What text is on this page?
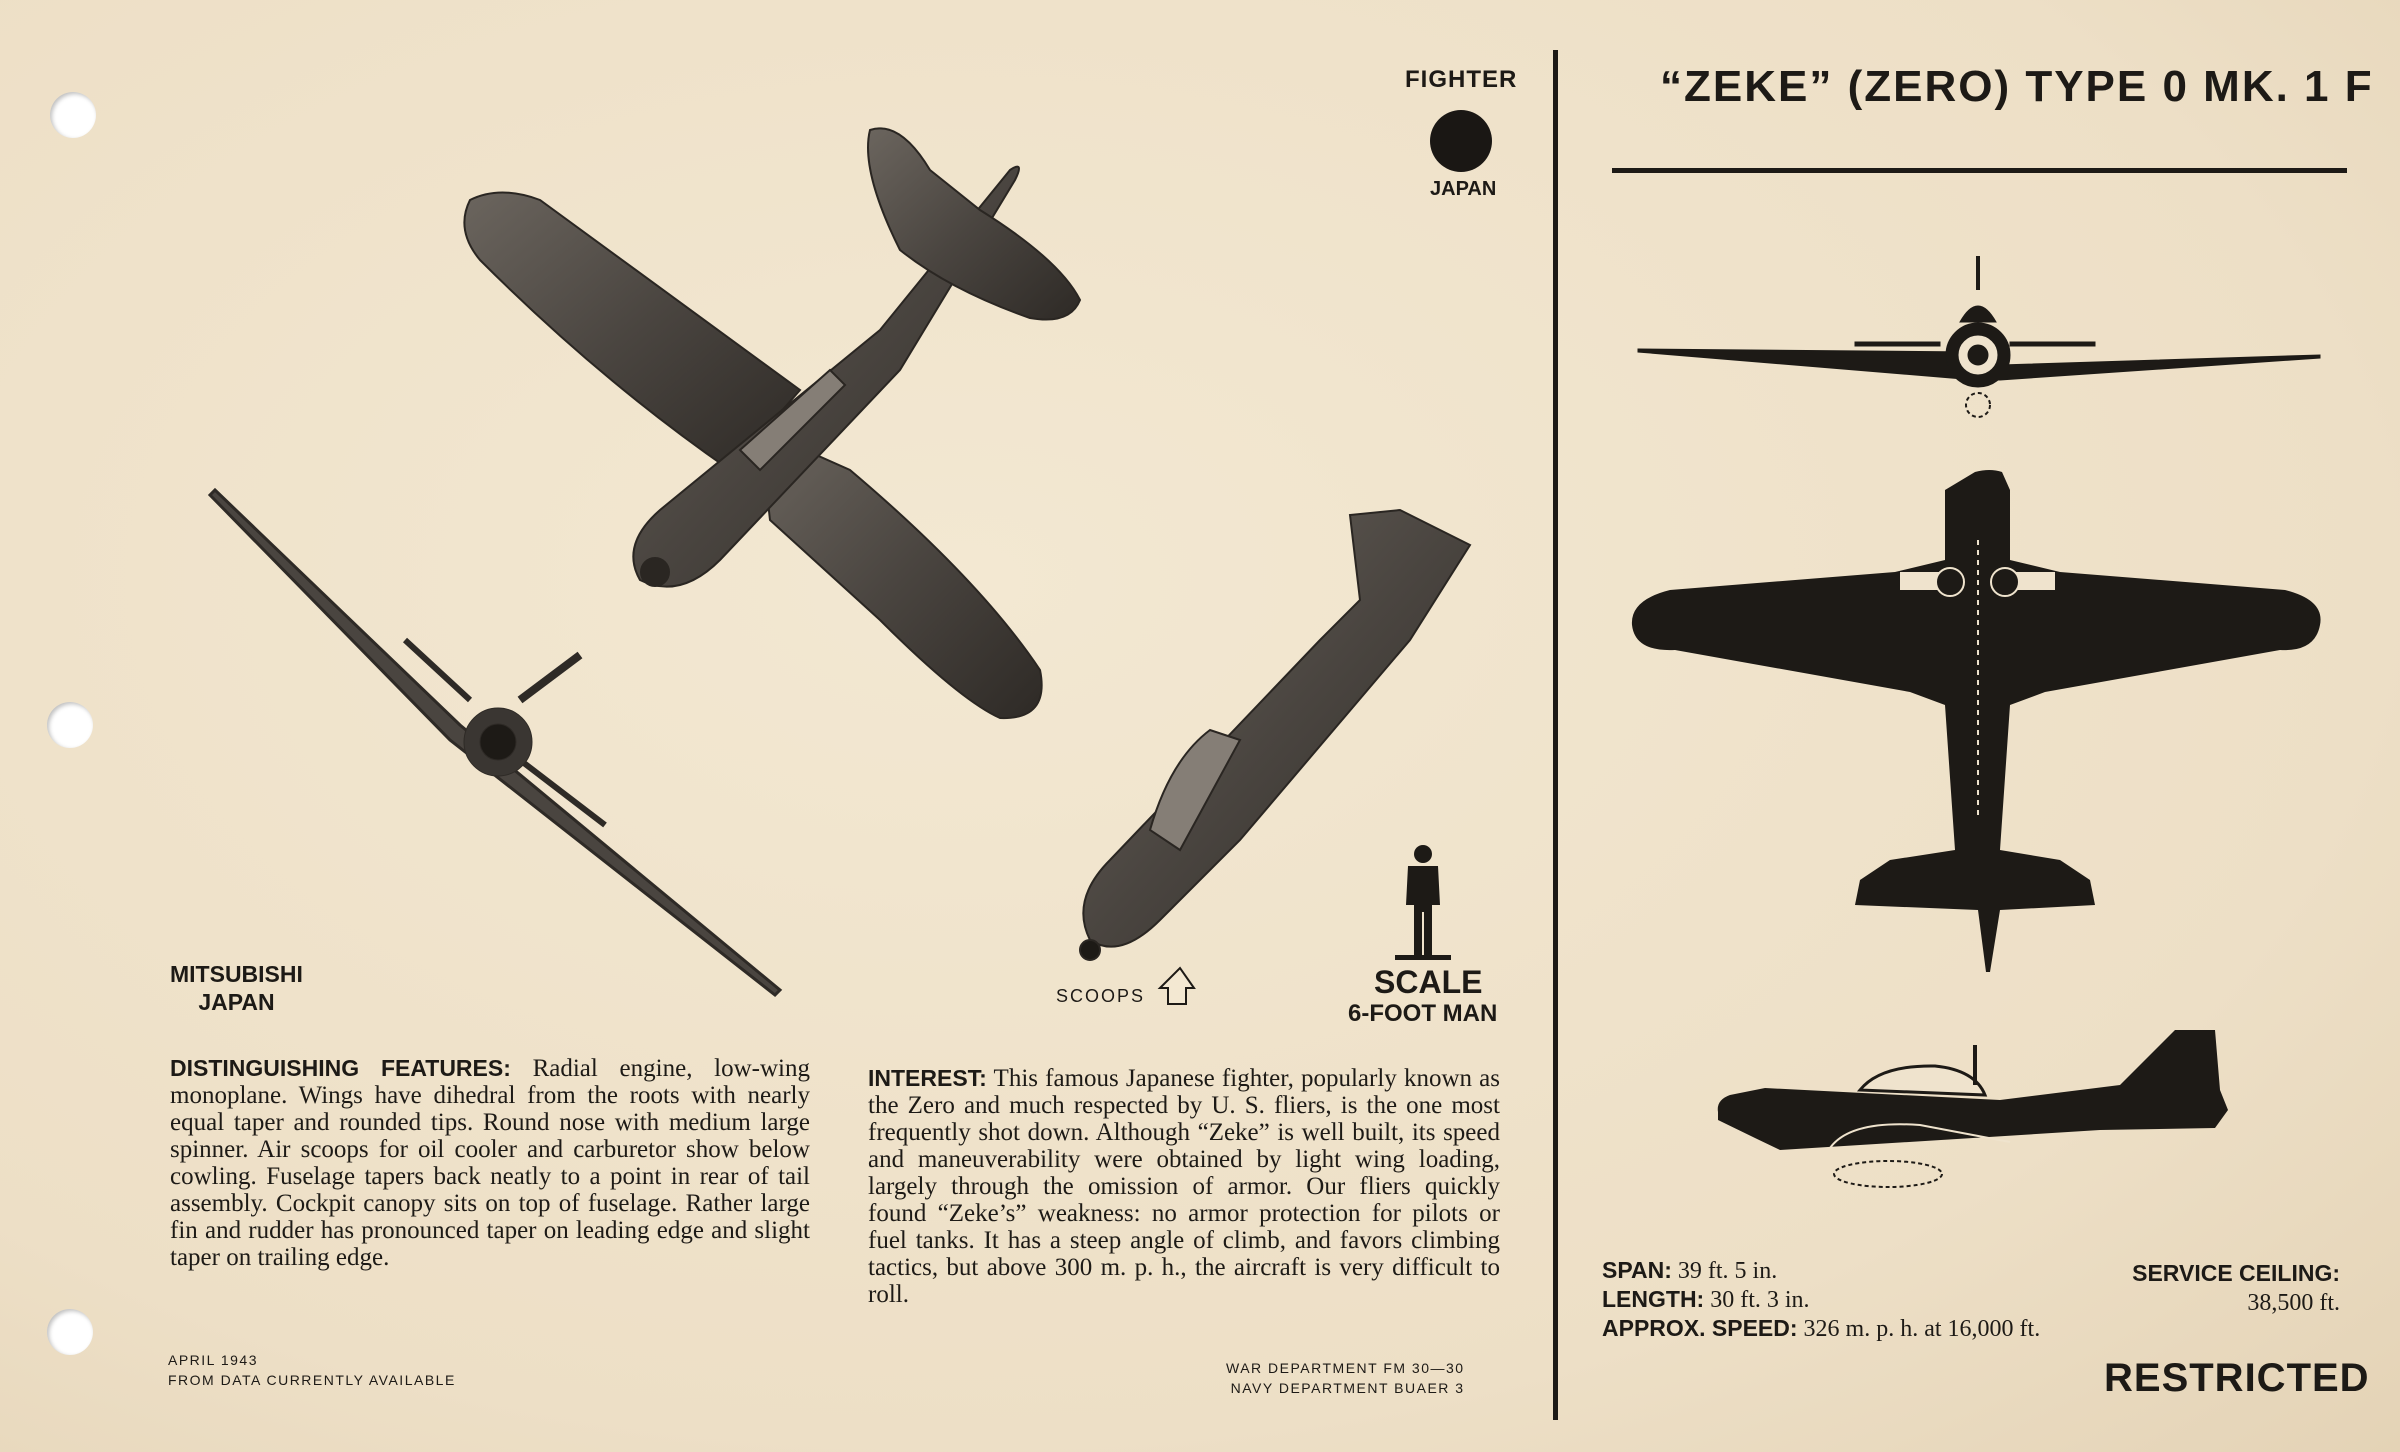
“ZEKE” (ZERO) TYPE 0 MK. 1 F
FIGHTER
JAPAN
MITSUBISHI
JAPAN	SCOOPS	SCALE
6-FOOT MAN
DISTINGUISHING FEATURES: Radial engine, low-wing monoplane. Wings have dihedral from the roots with nearly equal taper and rounded tips. Round nose with medium large spinner. Air scoops for oil cooler and carburetor show below cowling. Fuselage tapers back neatly to a point in rear of tail assembly. Cockpit canopy sits on top of fuselage. Rather large fin and rudder has pronounced taper on leading edge and slight taper on trailing edge.
INTEREST: This famous Japanese fighter, popularly known as the Zero and much respected by U. S. fliers, is the one most frequently shot down. Although “Zeke” is well built, its speed and maneuverability were obtained by light wing loading, largely through the omission of armor. Our fliers quickly found “Zeke’s” weakness: no armor protection for pilots or fuel tanks. It has a steep angle of climb, and favors climbing tactics, but above 300 m. p. h., the aircraft is very difficult to roll.
APRIL 1943
FROM DATA CURRENTLY AVAILABLE
WAR DEPARTMENT FM 30—30
NAVY DEPARTMENT BUAER 3
SPAN: 39 ft. 5 in.
LENGTH: 30 ft. 3 in.
APPROX. SPEED: 326 m. p. h. at 16,000 ft.
SERVICE CEILING:
38,500 ft.
RESTRICTED
